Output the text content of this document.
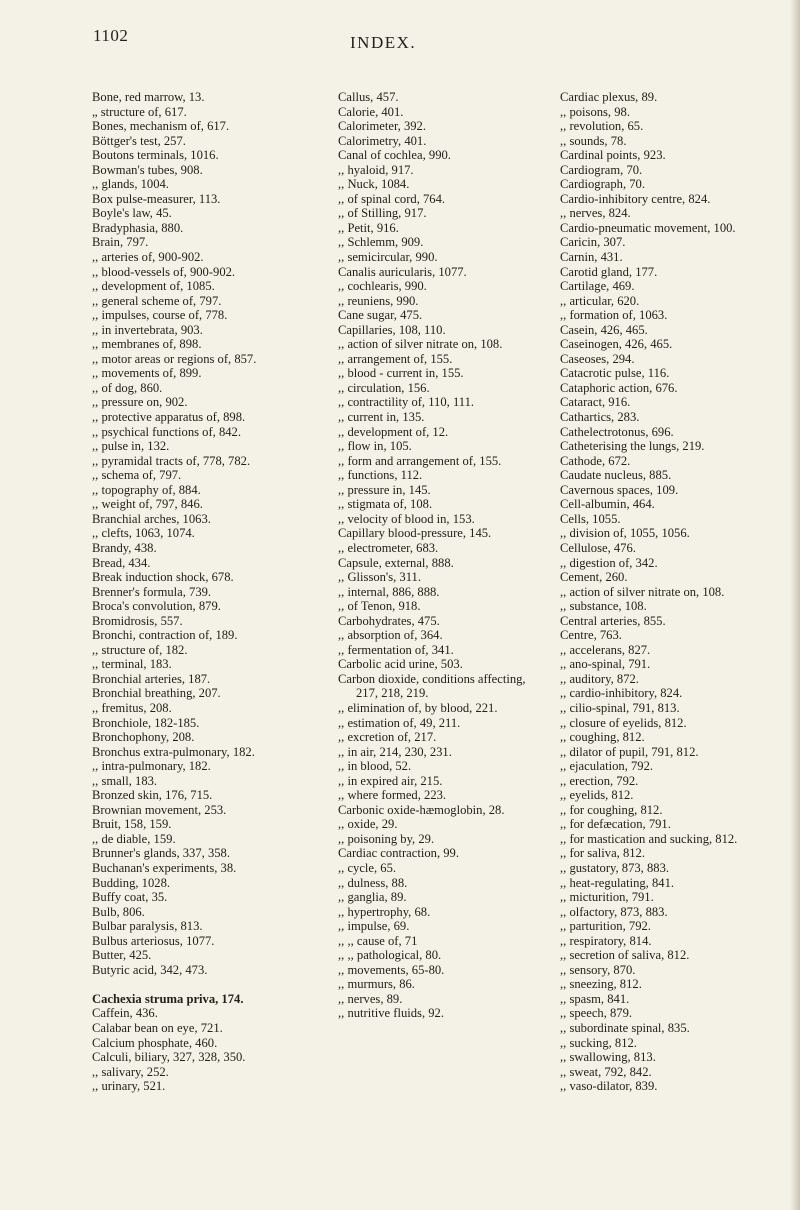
1102	INDEX.

Bone, red marrow, 13.

„ structure of, 617.

Bones, mechanism of, 617.

Böttger's test, 257.

Boutons terminals, 1016.

Bowman's tubes, 908.

,, glands, 1004.

Box pulse-measurer, 113.

Boyle's law, 45.

Bradyphasia, 880.

Brain, 797.

,, arteries of, 900-902.

,, blood-vessels of, 900-902.

,, development of, 1085.

,, general scheme of, 797.

,, impulses, course of, 778.

,, in invertebrata, 903.

,, membranes of, 898.

,, motor areas or regions of, 857.

,, movements of, 899.

,, of dog, 860.

,, pressure on, 902.

,, protective apparatus of, 898.

,, psychical functions of, 842.

,, pulse in, 132.

,, pyramidal tracts of, 778, 782.

,, schema of, 797.

,, topography of, 884.

,, weight of, 797, 846.

Branchial arches, 1063.

,, clefts, 1063, 1074.

Brandy, 438.

Bread, 434.

Break induction shock, 678.

Brenner's formula, 739.

Broca's convolution, 879.

Bromidrosis, 557.

Bronchi, contraction of, 189.

,, structure of, 182.

,, terminal, 183.

Bronchial arteries, 187.

Bronchial breathing, 207.

,, fremitus, 208.

Bronchiole, 182-185.

Bronchophony, 208.

Bronchus extra-pulmonary, 182.

,, intra-pulmonary, 182.

,, small, 183.

Bronzed skin, 176, 715.

Brownian movement, 253.

Bruit, 158, 159.

,, de diable, 159.

Brunner's glands, 337, 358.

Buchanan's experiments, 38.

Budding, 1028.

Buffy coat, 35.

Bulb, 806.

Bulbar paralysis, 813.

Bulbus arteriosus, 1077.

Butter, 425.

Butyric acid, 342, 473.

Cachexia struma priva, 174.

Caffein, 436.

Calabar bean on eye, 721.

Calcium phosphate, 460.

Calculi, biliary, 327, 328, 350.

,, salivary, 252.

,, urinary, 521.

Callus, 457.

Calorie, 401.

Calorimeter, 392.

Calorimetry, 401.

Canal of cochlea, 990.

,, hyaloid, 917.

,, Nuck, 1084.

,, of spinal cord, 764.

,, of Stilling, 917.

,, Petit, 916.

,, Schlemm, 909.

,, semicircular, 990.

Canalis auricularis, 1077.

,, cochlearis, 990.

,, reuniens, 990.

Cane sugar, 475.

Capillaries, 108, 110.

,, action of silver nitrate on, 108.

,, arrangement of, 155.

,, blood - current in, 155.

,, circulation, 156.

,, contractility of, 110, 111.

,, current in, 135.

,, development of, 12.

,, flow in, 105.

,, form and arrangement of, 155.

,, functions, 112.

,, pressure in, 145.

,, stigmata of, 108.

,, velocity of blood in, 153.

Capillary blood-pressure, 145.

,, electrometer, 683.

Capsule, external, 888.

,, Glisson's, 311.

,, internal, 886, 888.

,, of Tenon, 918.

Carbohydrates, 475.

,, absorption of, 364.

,, fermentation of, 341.

Carbolic acid urine, 503.

Carbon dioxide, conditions affecting, 217, 218, 219.

,, elimination of, by blood, 221.

,, estimation of, 49, 211.

,, excretion of, 217.

,, in air, 214, 230, 231.

,, in blood, 52.

,, in expired air, 215.

,, where formed, 223.

Carbonic oxide-hæmoglobin, 28.

,, oxide, 29.

,, poisoning by, 29.

Cardiac contraction, 99.

,, cycle, 65.

,, dulness, 88.

,, ganglia, 89.

,, hypertrophy, 68.

,, impulse, 69.

,, ,, cause of, 71

,, ,, pathological, 80.

,, movements, 65-80.

,, murmurs, 86.

,, nerves, 89.

,, nutritive fluids, 92.

Cardiac plexus, 89.

,, poisons, 98.

,, revolution, 65.

,, sounds, 78.

Cardinal points, 923.

Cardiogram, 70.

Cardiograph, 70.

Cardio-inhibitory centre, 824.

,, nerves, 824.

Cardio-pneumatic movement, 100.

Caricin, 307.

Carnin, 431.

Carotid gland, 177.

Cartilage, 469.

,, articular, 620.

,, formation of, 1063.

Casein, 426, 465.

Caseinogen, 426, 465.

Caseoses, 294.

Catacrotic pulse, 116.

Cataphoric action, 676.

Cataract, 916.

Cathartics, 283.

Cathelectrotonus, 696.

Catheterising the lungs, 219.

Cathode, 672.

Caudate nucleus, 885.

Cavernous spaces, 109.

Cell-albumin, 464.

Cells, 1055.

,, division of, 1055, 1056.

Cellulose, 476.

,, digestion of, 342.

Cement, 260.

,, action of silver nitrate on, 108.

,, substance, 108.

Central arteries, 855.

Centre, 763.

,, accelerans, 827.

,, ano-spinal, 791.

,, auditory, 872.

,, cardio-inhibitory, 824.

,, cilio-spinal, 791, 813.

,, closure of eyelids, 812.

,, coughing, 812.

,, dilator of pupil, 791, 812.

,, ejaculation, 792.

,, erection, 792.

,, eyelids, 812.

,, for coughing, 812.

,, for defæcation, 791.

,, for mastication and sucking, 812.

,, for saliva, 812.

,, gustatory, 873, 883.

,, heat-regulating, 841.

,, micturition, 791.

,, olfactory, 873, 883.

,, parturition, 792.

,, respiratory, 814.

,, secretion of saliva, 812.

,, sensory, 870.

,, sneezing, 812.

,, spasm, 841.

,, speech, 879.

,, subordinate spinal, 835.

,, sucking, 812.

,, swallowing, 813.

,, sweat, 792, 842.

,, vaso-dilator, 839.
